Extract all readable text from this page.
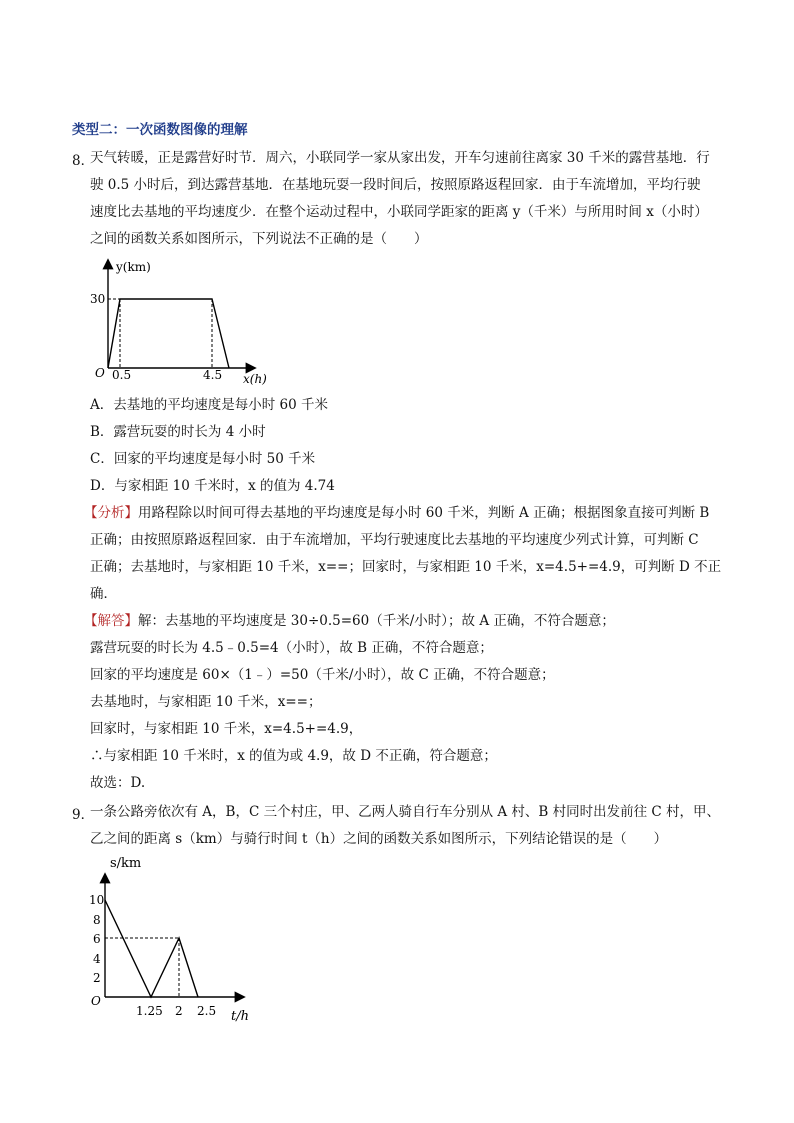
类型二：一次函数图像的理解
8．
天气转暖，正是露营好时节．周六，小联同学一家从家出发，开车匀速前往离家 30 千米的露营基地．行
驶 0.5 小时后，到达露营基地．在基地玩耍一段时间后，按照原路返程回家．由于车流增加，平均行驶
速度比去基地的平均速度少．在整个运动过程中，小联同学距家的距离 y（千米）与所用时间 x（小时）
之间的函数关系如图所示，下列说法不正确的是（　　）
y(km)
30
O 0.5	4.5 x(h)
A．去基地的平均速度是每小时 60 千米
B．露营玩耍的时长为 4 小时
C．回家的平均速度是每小时 50 千米
D．与家相距 10 千米时，x 的值为 4.74
【分析】用路程除以时间可得去基地的平均速度是每小时 60 千米，判断 A 正确；根据图象直接可判断 B
正确；由按照原路返程回家．由于车流增加，平均行驶速度比去基地的平均速度少列式计算，可判断 C
正确；去基地时，与家相距 10 千米，x==；回家时，与家相距 10 千米，x=4.5+=4.9，可判断 D 不正
确．
【解答】解：去基地的平均速度是 30÷0.5=60（千米/小时）；故 A 正确，不符合题意；
露营玩耍的时长为 4.5﹣0.5=4（小时），故 B 正确，不符合题意；
回家的平均速度是 60×（1﹣）=50（千米/小时），故 C 正确，不符合题意；
去基地时，与家相距 10 千米，x==；
回家时，与家相距 10 千米，x=4.5+=4.9，
∴与家相距 10 千米时，x 的值为或 4.9，故 D 不正确，符合题意；
故选：D.
9．
一条公路旁依次有 A，B，C 三个村庄，甲、乙两人骑自行车分别从 A 村、B 村同时出发前往 C 村，甲、
乙之间的距离 s（km）与骑行时间 t（h）之间的函数关系如图所示，下列结论错误的是（　　）
s/km
10
8
6
4
2
O
1.25 2 2.5 t/h
